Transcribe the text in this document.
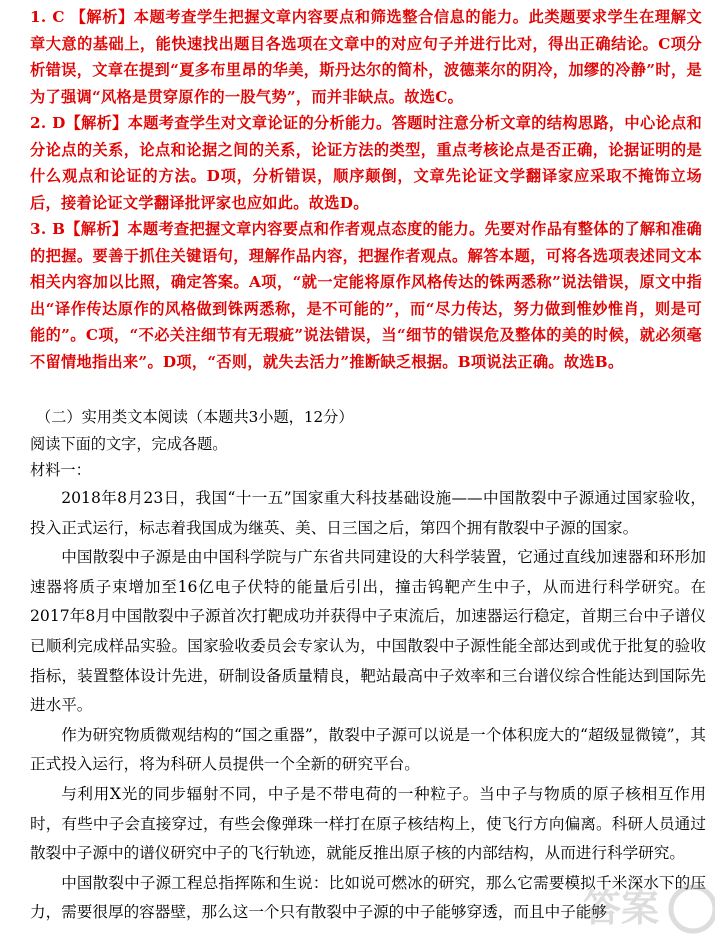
1. C 【解析】本题考查学生把握文章内容要点和筛选整合信息的能力。此类题要求学生在理解文章大意的基础上，能快速找出题目各选项在文章中的对应句子并进行比对，得出正确结论。C项分析错误，文章在提到“夏多布里昂的华美，斯丹达尔的简朴，波德莱尔的阴冷，加缪的冷静”时，是为了强调“风格是贯穿原作的一股气势”，而并非缺点。故选C。

2. D【解析】本题考查学生对文章论证的分析能力。答题时注意分析文章的结构思路，中心论点和分论点的关系，论点和论据之间的关系，论证方法的类型，重点考核论点是否正确，论据证明的是什么观点和论证的方法。D项，分析错误，顺序颠倒，文章先论证文学翻译家应采取不掩饰立场后，接着论证文学翻译批评家也应如此。故选D。

3. B【解析】本题考查把握文章内容要点和作者观点态度的能力。先要对作品有整体的了解和准确的把握。要善于抓住关键语句，理解作品内容，把握作者观点。解答本题，可将各选项表述同文本相关内容加以比照，确定答案。A项，“就一定能将原作风格传达的铢两悉称”说法错误，原文中指出“译作传达原作的风格做到铢两悉称，是不可能的”，而“尽力传达，努力做到惟妙惟肖，则是可能的”。C项，“不必关注细节有无瑕疵”说法错误，当“细节的错误危及整体的美的时候，就必须毫不留情地指出来”。D项，“否则，就失去活力”推断缺乏根据。B项说法正确。故选B。

（二）实用类文本阅读（本题共3小题，12分）
阅读下面的文字，完成各题。
材料一：

2018年8月23日，我国“十一五”国家重大科技基础设施——中国散裂中子源通过国家验收，投入正式运行，标志着我国成为继英、美、日三国之后，第四个拥有散裂中子源的国家。

中国散裂中子源是由中国科学院与广东省共同建设的大科学装置，它通过直线加速器和环形加速器将质子束增加至16亿电子伏特的能量后引出，撞击钨靶产生中子，从而进行科学研究。在2017年8月中国散裂中子源首次打靶成功并获得中子束流后，加速器运行稳定，首期三台中子谱仪已顺利完成样品实验。国家验收委员会专家认为，中国散裂中子源性能全部达到或优于批复的验收指标，装置整体设计先进，研制设备质量精良，靶站最高中子效率和三台谱仪综合性能达到国际先进水平。

作为研究物质微观结构的“国之重器”，散裂中子源可以说是一个体积庞大的“超级显微镜”，其正式投入运行，将为科研人员提供一个全新的研究平台。

与利用X光的同步辐射不同，中子是不带电荷的一种粒子。当中子与物质的原子核相互作用时，有些中子会直接穿过，有些会像弹珠一样打在原子核结构上，使飞行方向偏离。科研人员通过散裂中子源中的谱仪研究中子的飞行轨迹，就能反推出原子核的内部结构，从而进行科学研究。

中国散裂中子源工程总指挥陈和生说：比如说可燃冰的研究，那么它需要模拟千米深水下的压力，需要很厚的容器壁，那么这一个只有散裂中子源的中子能够穿透，而且中子能够

答案
